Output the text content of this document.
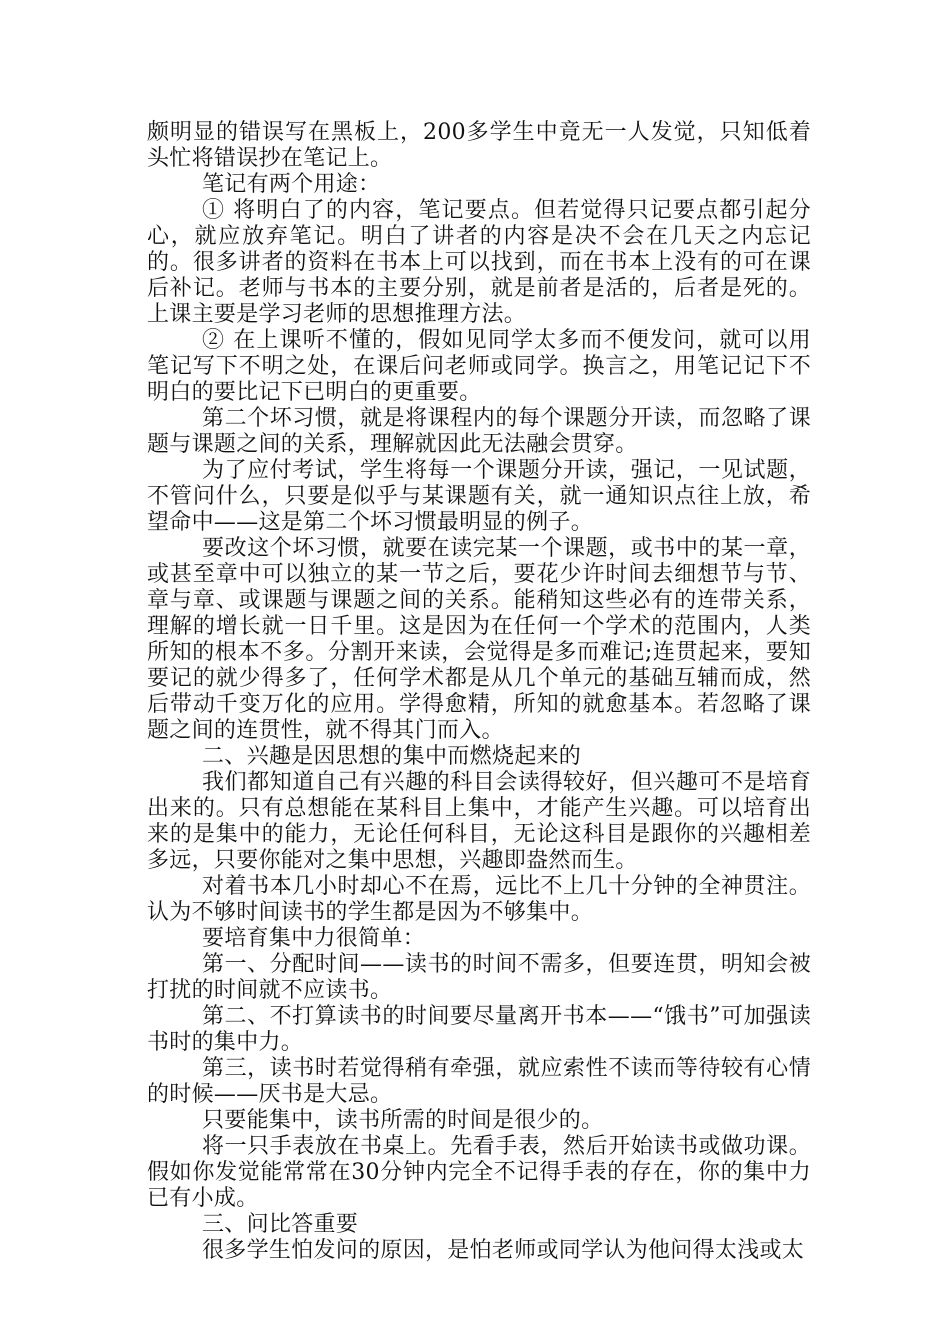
颇明显的错误写在黑板上，200多学生中竟无一人发觉，只知低着头忙将错误抄在笔记上。

笔记有两个用途：

① 将明白了的内容，笔记要点。但若觉得只记要点都引起分心，就应放弃笔记。明白了讲者的内容是决不会在几天之内忘记的。很多讲者的资料在书本上可以找到，而在书本上没有的可在课后补记。老师与书本的主要分别，就是前者是活的，后者是死的。上课主要是学习老师的思想推理方法。

② 在上课听不懂的，假如见同学太多而不便发问，就可以用笔记写下不明之处，在课后问老师或同学。换言之，用笔记记下不明白的要比记下已明白的更重要。

第二个坏习惯，就是将课程内的每个课题分开读，而忽略了课题与课题之间的关系，理解就因此无法融会贯穿。

为了应付考试，学生将每一个课题分开读，强记，一见试题，不管问什么，只要是似乎与某课题有关，就一通知识点往上放，希望命中——这是第二个坏习惯最明显的例子。

要改这个坏习惯，就要在读完某一个课题，或书中的某一章，或甚至章中可以独立的某一节之后，要花少许时间去细想节与节、章与章、或课题与课题之间的关系。能稍知这些必有的连带关系，理解的增长就一日千里。这是因为在任何一个学术的范围内，人类所知的根本不多。分割开来读，会觉得是多而难记;连贯起来，要知要记的就少得多了，任何学术都是从几个单元的基础互辅而成，然后带动千变万化的应用。学得愈精，所知的就愈基本。若忽略了课题之间的连贯性，就不得其门而入。

二、兴趣是因思想的集中而燃烧起来的

我们都知道自己有兴趣的科目会读得较好，但兴趣可不是培育出来的。只有总想能在某科目上集中，才能产生兴趣。可以培育出来的是集中的能力，无论任何科目，无论这科目是跟你的兴趣相差多远，只要你能对之集中思想，兴趣即盎然而生。

对着书本几小时却心不在焉，远比不上几十分钟的全神贯注。认为不够时间读书的学生都是因为不够集中。

要培育集中力很简单：

第一、分配时间——读书的时间不需多，但要连贯，明知会被打扰的时间就不应读书。

第二、不打算读书的时间要尽量离开书本——“饿书”可加强读书时的集中力。

第三，读书时若觉得稍有牵强，就应索性不读而等待较有心情的时候——厌书是大忌。

只要能集中，读书所需的时间是很少的。

将一只手表放在书桌上。先看手表，然后开始读书或做功课。假如你发觉能常常在30分钟内完全不记得手表的存在，你的集中力已有小成。

三、问比答重要

很多学生怕发问的原因，是怕老师或同学认为他问得太浅或太
